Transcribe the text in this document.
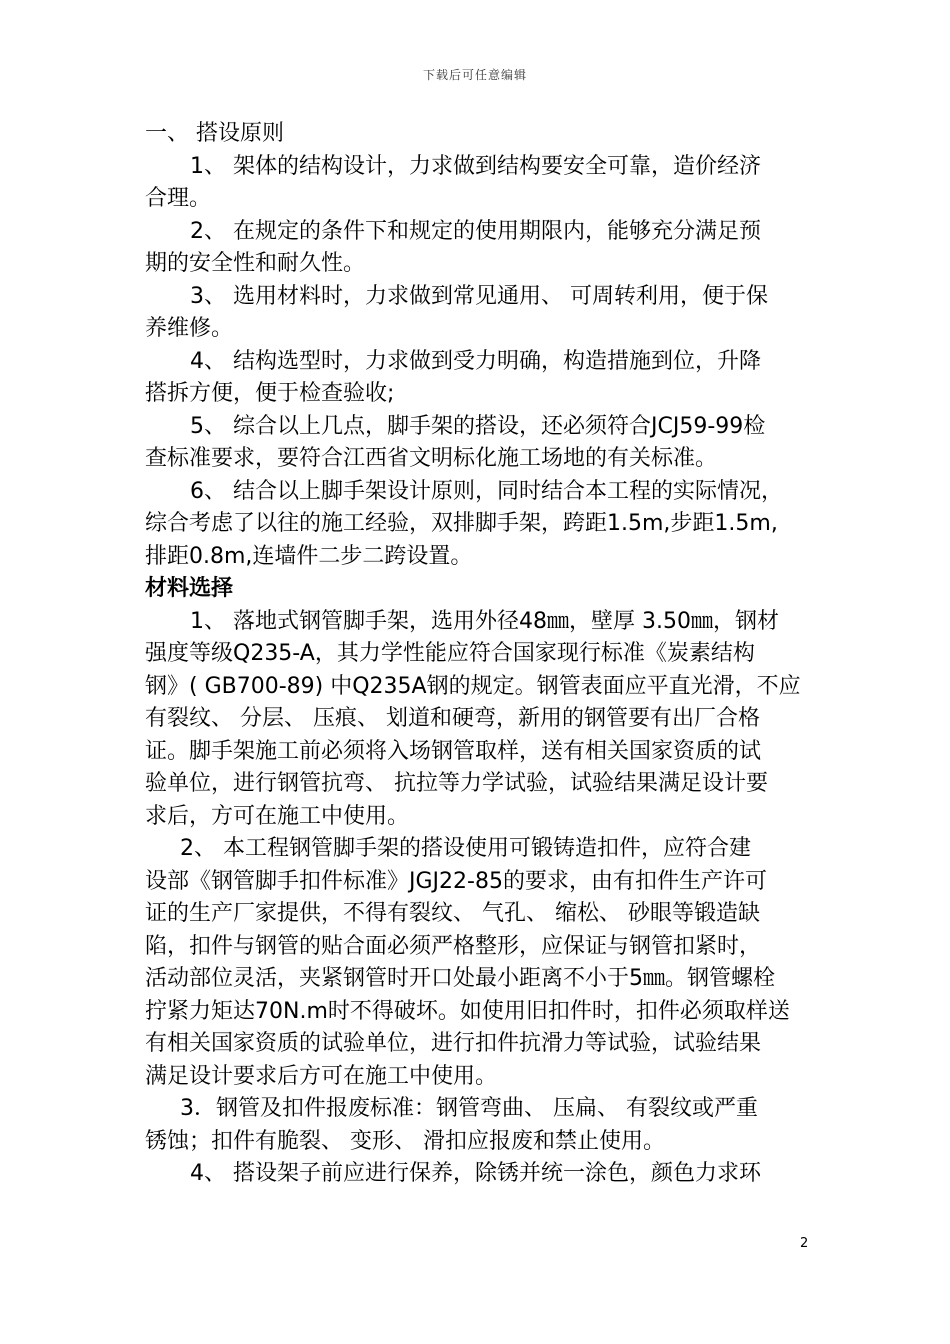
下载后可任意编辑
一、 搭设原则
1、 架体的结构设计，力求做到结构要安全可靠，造价经济
合理。
2、 在规定的条件下和规定的使用期限内，能够充分满足预
期的安全性和耐久性。
3、 选用材料时，力求做到常见通用、 可周转利用，便于保
养维修。
4、 结构选型时，力求做到受力明确，构造措施到位，升降
搭拆方便，便于检查验收;
5、 综合以上几点，脚手架的搭设，还必须符合JCJ59-99检
查标准要求，要符合江西省文明标化施工场地的有关标准。
6、 结合以上脚手架设计原则，同时结合本工程的实际情况，
综合考虑了以往的施工经验，双排脚手架，跨距1.5m,步距1.5m,
排距0.8m,连墙件二步二跨设置。
材料选择
1、 落地式钢管脚手架，选用外径48㎜，壁厚 3.50㎜，钢材
强度等级Q235-A，其力学性能应符合国家现行标准《炭素结构
钢》( GB700-89) 中Q235A钢的规定。钢管表面应平直光滑，不应
有裂纹、 分层、 压痕、 划道和硬弯，新用的钢管要有出厂合格
证。脚手架施工前必须将入场钢管取样，送有相关国家资质的试
验单位，进行钢管抗弯、 抗拉等力学试验，试验结果满足设计要
求后，方可在施工中使用。
2、 本工程钢管脚手架的搭设使用可锻铸造扣件，应符合建
设部《钢管脚手扣件标准》JGJ22-85的要求，由有扣件生产许可
证的生产厂家提供，不得有裂纹、 气孔、 缩松、 砂眼等锻造缺
陷，扣件与钢管的贴合面必须严格整形，应保证与钢管扣紧时，
活动部位灵活，夹紧钢管时开口处最小距离不小于5㎜。钢管螺栓
拧紧力矩达70N.m时不得破坏。如使用旧扣件时，扣件必须取样送
有相关国家资质的试验单位，进行扣件抗滑力等试验，试验结果
满足设计要求后方可在施工中使用。
3．钢管及扣件报废标准：钢管弯曲、 压扁、 有裂纹或严重
锈蚀；扣件有脆裂、 变形、 滑扣应报废和禁止使用。
4、 搭设架子前应进行保养，除锈并统一涂色，颜色力求环
2
